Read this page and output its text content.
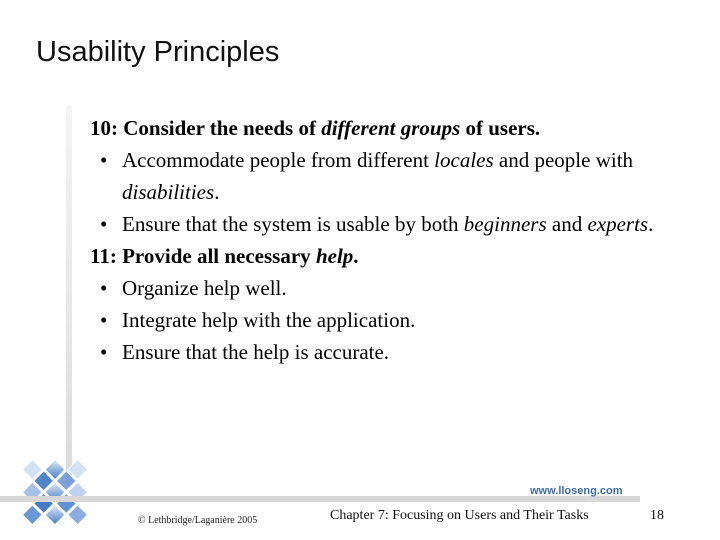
Usability Principles
10: Consider the needs of different groups of users.
• Accommodate people from different locales and people with disabilities.
• Ensure that the system is usable by both beginners and experts.
11: Provide all necessary help.
• Organize help well.
• Integrate help with the application.
• Ensure that the help is accurate.
www.lloseng.com
© Lethbridge/Laganière 2005	Chapter 7: Focusing on Users and Their Tasks	18
